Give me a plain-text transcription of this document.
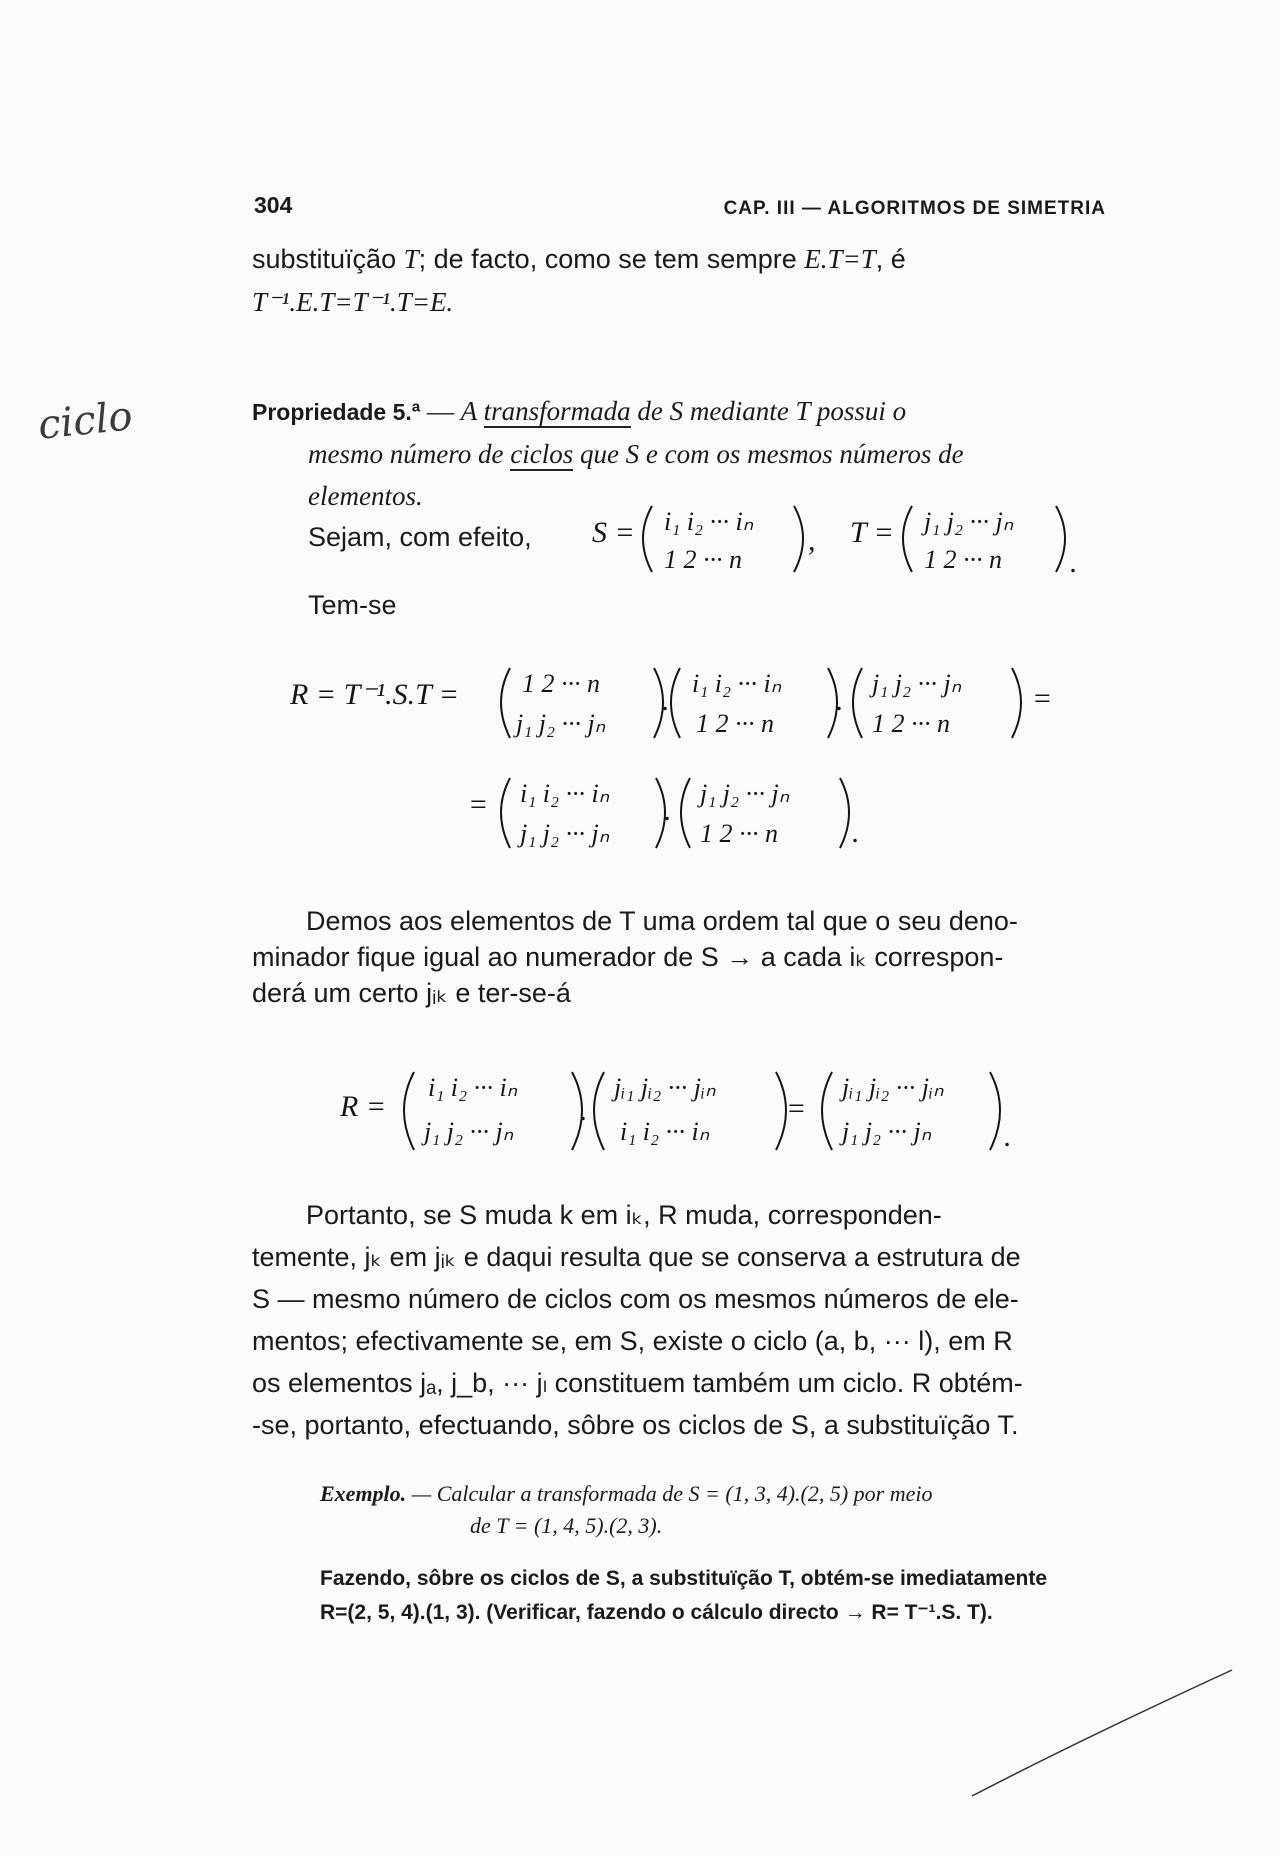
304	CAP. III — ALGORITMOS DE SIMETRIA
substituïção T; de facto, como se tem sempre E.T=T, é
T⁻¹.E.T=T⁻¹.T=E.
ciclo	Propriedade 5.ª — A transformada de S mediante T possui o
mesmo número de ciclos que S e com os mesmos números de
elementos.
Sejam, com efeito,
Tem-se
S = i₁ i₂ ··· iₙ
1 2 ··· n
, T = j₁ j₂ ··· jₙ
1 2 ··· n .
R = T⁻¹.S.T = 1 2 ··· n
j₁ j₂ ··· jₙ
.
i₁ i₂ ··· iₙ
1 2 ··· n
.
j₁ j₂ ··· jₙ
1 2 ··· n
=
= i₁ i₂ ··· iₙ
j₁ j₂ ··· jₙ
.
j₁ j₂ ··· jₙ
1 2 ··· n .
R =
i₁ i₂ ··· iₙ
j₁ j₂ ··· jₙ
.
jᵢ₁ jᵢ₂ ··· jᵢₙ
i₁ i₂ ··· iₙ
=
jᵢ₁ jᵢ₂ ··· jᵢₙ
j₁ j₂ ··· jₙ .
Demos aos elementos de T uma ordem tal que o seu deno-
minador fique igual ao numerador de S → a cada iₖ correspon-
derá um certo jᵢₖ e ter-se-á
Portanto, se S muda k em iₖ, R muda, corresponden-
temente, jₖ em jᵢₖ e daqui resulta que se conserva a estrutura de
S — mesmo número de ciclos com os mesmos números de ele-
mentos; efectivamente se, em S, existe o ciclo (a, b, ··· l), em R
os elementos jₐ, j_b, ··· jₗ constituem também um ciclo. R obtém-
-se, portanto, efectuando, sôbre os ciclos de S, a substituïção T.
Exemplo. — Calcular a transformada de S = (1, 3, 4).(2, 5) por meio
de T = (1, 4, 5).(2, 3).
Fazendo, sôbre os ciclos de S, a substituïção T, obtém-se imediatamente
R=(2, 5, 4).(1, 3). (Verificar, fazendo o cálculo directo → R= T⁻¹.S. T).
